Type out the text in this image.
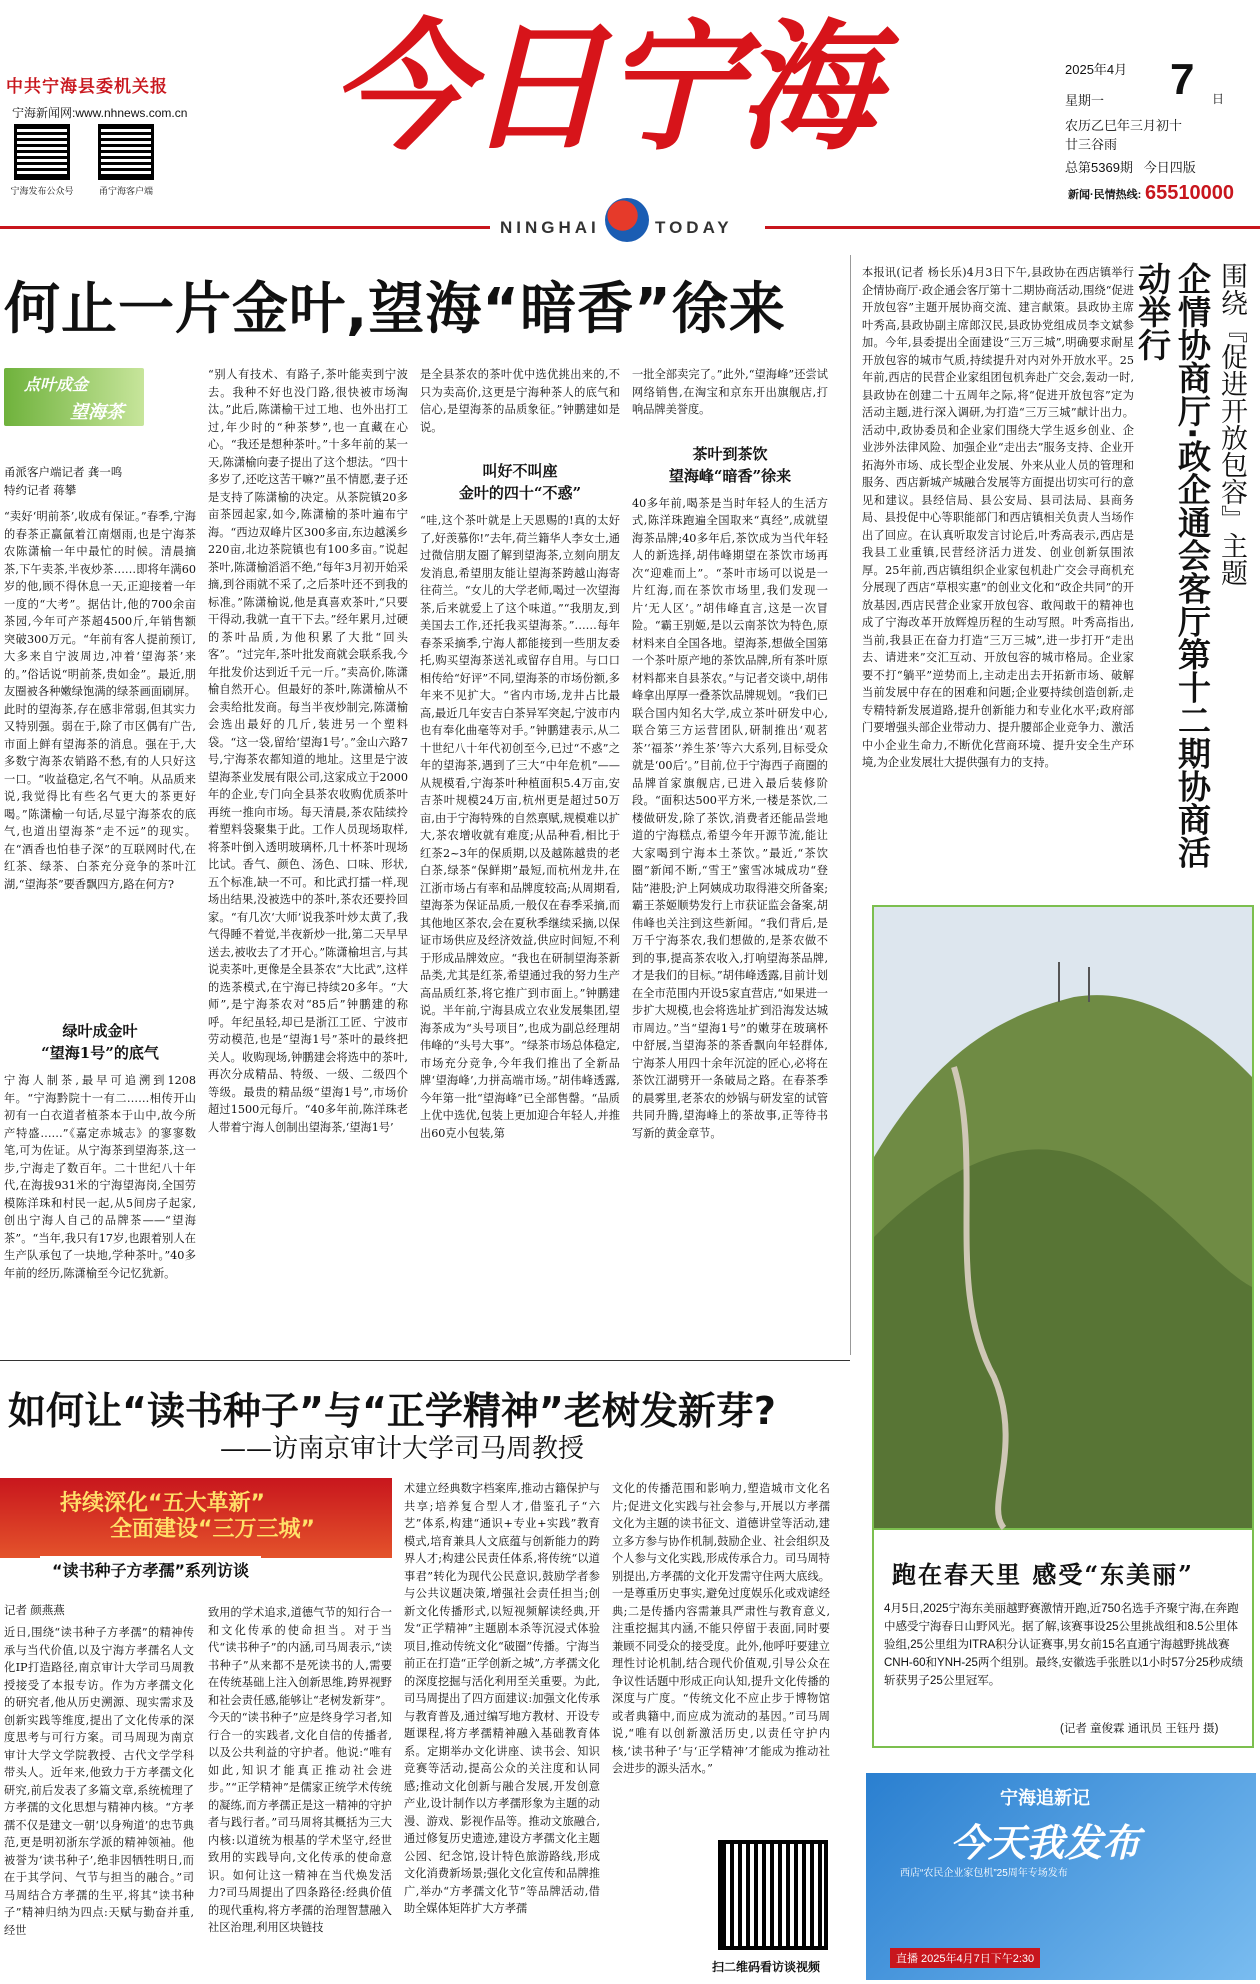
中共宁海县委机关报
宁海新闻网:www.nhnews.com.cn
宁海发布公众号	甬宁海客户端
今日宁海
NINGHAI	TODAY
2025年4月
星期一
农历乙巳年三月初十
廿三谷雨
总第5369期 今日四版
7 日
新闻·民情热线: 65510000
何止一片金叶,望海“暗香”徐来
点叶成金
望海茶
甬派客户端记者 龚一鸣
特约记者 蒋攀
“卖好‘明前茶’,收成有保证。”春季,宁海的春茶正赢氤着江南烟雨,也是宁海茶农陈潇榆一年中最忙的时候。清晨摘茶,下午卖茶,半夜炒茶……即将年满60岁的他,顾不得休息一天,正迎接着一年一度的“大考”。据估计,他的700余亩茶园,今年可产茶超4500斤,年销售额突破300万元。“年前有客人提前预订,大多来自宁波周边,冲着‘望海茶’来的。”俗话说“明前茶,贵如金”。最近,朋友圈被各种嫩绿饱满的绿茶画面刷屏。此时的望海茶,存在感非常弱,但其实力又特别强。弱在于,除了市区偶有广告,市面上鲜有望海茶的消息。强在于,大多数宁海茶农销路不愁,有的人只好这一口。“收益稳定,名气不响。从品质来说,我觉得比有些名气更大的茶更好喝。”陈潇榆一句话,尽显宁海茶农的底气,也道出望海茶“走不远”的现实。在“酒香也怕巷子深”的互联网时代,在红茶、绿茶、白茶充分竞争的茶叶江湖,“望海茶”要香飘四方,路在何方?
绿叶成金叶
“望海1号”的底气
宁海人制茶,最早可追溯到1208年。“宁海黔院十一有二……相传开山初有一白衣道者植茶本于山中,故今所产特盛……”《嘉定赤城志》的寥寥数笔,可为佐证。从宁海茶到望海茶,这一步,宁海走了数百年。二十世纪八十年代,在海拔931米的宁海望海岗,全国劳模陈洋珠和村民一起,从5间房子起家,创出宁海人自己的品牌茶——“望海茶”。“当年,我只有17岁,也跟着别人在生产队承包了一块地,学种茶叶。”40多年前的经历,陈潇榆至今记忆犹新。
“别人有技术、有路子,茶叶能卖到宁波去。我种不好也没门路,很快被市场淘汰。”此后,陈潇榆干过工地、也外出打工过,年少时的“种茶梦”,也一直藏在心心。“我还是想种茶叶。”十多年前的某一天,陈潇榆向妻子提出了这个想法。“四十多岁了,还吃这苦干嘛?”虽不情愿,妻子还是支持了陈潇榆的决定。从茶院镇20多亩茶园起家,如今,陈潇榆的茶叶遍布宁海。“西边双峰片区300多亩,东边越溪乡220亩,北边茶院镇也有100多亩。”说起茶叶,陈潇榆滔滔不绝,“每年3月初开始采摘,到谷雨就不采了,之后茶叶还不到我的标准。”陈潇榆说,他是真喜欢茶叶,“只要干得动,我就一直干下去。”经年累月,过硬的茶叶品质,为他积累了大批“回头客”。“过完年,茶叶批发商就会联系我,今年批发价达到近千元一斤。”卖高价,陈潇榆自然开心。但最好的茶叶,陈潇榆从不会卖给批发商。每当半夜炒制完,陈潇榆会选出最好的几斤,装进另一个塑料袋。“这一袋,留给‘望海1号’。”金山六路7号,宁海茶农都知道的地址。这里是宁波望海茶业发展有限公司,这家成立于2000年的企业,专门向全县茶农收购优质茶叶再统一推向市场。每天清晨,茶农陆续拎着塑料袋聚集于此。工作人员现场取样,将茶叶倒入透明玻璃杯,几十杯茶叶现场比试。香气、颜色、汤色、口味、形状,五个标准,缺一不可。和比武打擂一样,现场出结果,没被选中的茶叶,茶农还要拎回家。“有几次‘大师’说我茶叶炒太黄了,我气得睡不着觉,半夜新炒一批,第二天早早送去,被收去了才开心。”陈潇榆坦言,与其说卖茶叶,更像是全县茶农“大比武”,这样的选茶模式,在宁海已持续20多年。“大师”,是宁海茶农对“85后”钟鹏建的称呼。年纪虽轻,却已是浙江工匠、宁波市劳动模范,也是“望海1号”茶叶的最终把关人。收购现场,钟鹏建会将选中的茶叶,再次分成精品、特级、一级、二级四个等级。最贵的精品级“望海1号”,市场价超过1500元每斤。“40多年前,陈洋珠老人带着宁海人创制出望海茶,‘望海1号’
是全县茶农的茶叶优中选优挑出来的,不只为卖高价,这更是宁海种茶人的底气和信心,是望海茶的品质象征。”钟鹏建如是说。
叫好不叫座
金叶的四十“不惑”
“哇,这个茶叶就是上天恩赐的!真的太好了,好羡慕你!”去年,荷兰籍华人李女士,通过微信朋友圈了解到望海茶,立刻向朋友发消息,希望朋友能让望海茶跨越山海寄往荷兰。“女儿的大学老师,喝过一次望海茶,后来就爱上了这个味道。”“我朋友,到美国去工作,还托我买望海茶。”……每年春茶采摘季,宁海人都能接到一些朋友委托,购买望海茶送礼或留存自用。与口口相传给“好评”不同,望海茶的市场份额,多年来不见扩大。“省内市场,龙井占比最高,最近几年安吉白茶异军突起,宁波市内也有奉化曲毫等对手。”钟鹏建表示,从二十世纪八十年代初创至今,已过“不惑”之年的望海茶,遇到了三大“中年危机”——从规模看,宁海茶叶种植面积5.4万亩,安吉茶叶规模24万亩,杭州更是超过50万亩,由于宁海特殊的自然禀赋,规模难以扩大,茶农增收就有难度;从品种看,相比于红茶2~3年的保质期,以及越陈越贵的老白茶,绿茶“保鲜期”最短,而杭州龙井,在江浙市场占有率和品牌度较高;从周期看,望海茶为保证品质,一般仅在春季采摘,而其他地区茶农,会在夏秋季继续采摘,以保证市场供应及经济效益,供应时间短,不利于形成品牌效应。“我也在研制望海茶新品类,尤其是红茶,希望通过我的努力生产高品质红茶,将它推广到市面上。”钟鹏建说。半年前,宁海县成立农业发展集团,望海茶成为“头号项目”,也成为副总经理胡伟峰的“头号大事”。“绿茶市场总体稳定,市场充分竞争,今年我们推出了全新品牌‘望海峰’,力拼高端市场。”胡伟峰透露,今年第一批“望海峰”已全部售罄。“品质上优中选优,包装上更加迎合年轻人,并推出60克小包装,第
一批全部卖完了。”此外,“望海峰”还尝试网络销售,在淘宝和京东开出旗舰店,打响品牌美誉度。
茶叶到茶饮
望海峰“暗香”徐来
40多年前,喝茶是当时年轻人的生活方式,陈洋珠跑遍全国取来“真经”,成就望海茶品牌;40多年后,茶饮成为当代年轻人的新选择,胡伟峰期望在茶饮市场再次“迎难而上”。“茶叶市场可以说是一片红海,而在茶饮市场里,我们发现一片‘无人区’。”胡伟峰直言,这是一次冒险。“霸王别姬,是以云南茶饮为特色,原材料来自全国各地。望海茶,想做全国第一个茶叶原产地的茶饮品牌,所有茶叶原材料都来自县茶农。”与记者交谈中,胡伟峰拿出厚厚一叠茶饮品牌规划。“我们已联合国内知名大学,成立茶叶研发中心,联合第三方运营团队,研制推出‘观茗茶’‘福茶’‘养生茶’等六大系列,目标受众就是‘00后’。”目前,位于宁海西子商圈的品牌首家旗舰店,已进入最后装修阶段。“面积达500平方米,一楼是茶饮,二楼做研发,除了茶饮,消费者还能品尝地道的宁海糕点,希望今年开源节流,能让大家喝到宁海本土茶饮。”最近,“茶饮圈”新闻不断,“雪王”蜜雪冰城成功“登陆”港股;沪上阿姨成功取得港交所备案;霸王茶姬顺势发行上市获证监会备案,胡伟峰也关注到这些新闻。“我们背后,是万千宁海茶农,我们想做的,是茶农做不到的事,提高茶农收入,打响望海茶品牌,才是我们的目标。”胡伟峰透露,目前计划在全市范围内开设5家直营店,“如果进一步扩大规模,也会将选址扩到沿海发达城市周边。”当“望海1号”的嫩芽在玻璃杯中舒展,当望海茶的茶香飘向年轻群体,宁海茶人用四十余年沉淀的匠心,必将在茶饮江湖劈开一条破局之路。在春茶季的晨雾里,老茶农的炒锅与研发室的试管共同升腾,望海峰上的茶故事,正等待书写新的黄金章节。
本报讯(记者 杨长乐)4月3日下午,县政协在西店镇举行企情协商厅·政企通会客厅第十二期协商活动,围绕“促进开放包容”主题开展协商交流、建言献策。县政协主席叶秀高,县政协副主席郎汉民,县政协党组成员李文斌参加。今年,县委提出全面建设“三万三城”,明确要求耐星开放包容的城市气质,持续提升对内对外开放水平。25年前,西店的民营企业家组团包机奔赴广交会,轰动一时,县政协在创建二十五周年之际,将“促进开放包容”定为活动主题,进行深入调研,为打造“三万三城”献计出力。活动中,政协委员和企业家们围绕大学生返乡创业、企业涉外法律风险、加强企业“走出去”服务支持、企业开拓海外市场、成长型企业发展、外来从业人员的管理和服务、西店新城产城融合发展等方面提出切实可行的意见和建议。县经信局、县公安局、县司法局、县商务局、县投促中心等职能部门和西店镇相关负责人当场作出了回应。在认真听取发言讨论后,叶秀高表示,西店是我县工业重镇,民营经济活力迸发、创业创新氛围浓厚。25年前,西店镇组织企业家包机赴广交会寻商机充分展现了西店“草根实惠”的创业文化和“政企共同”的开放基因,西店民营企业家开放包容、敢闯敢干的精神也成了宁海改革开放辉煌历程的生动写照。叶秀高指出,当前,我县正在奋力打造“三万三城”,进一步打开“走出去、请进来”交汇互动、开放包容的城市格局。企业家要不打“躺平”逆势而上,主动走出去开拓新市场、破解当前发展中存在的困难和问题;企业要持续创造创新,走专精特新发展道路,提升创新能力和专业化水平;政府部门要增强头部企业带动力、提升腰部企业竞争力、激活中小企业生命力,不断优化营商环境、提升安全生产环境,为企业发展壮大提供强有力的支持。
围绕『促进开放包容』主题
企情协商厅·政企通会客厅第十二期协商活动举行
跑在春天里 感受“东美丽”
4月5日,2025宁海东美丽越野赛激情开跑,近750名选手齐聚宁海,在奔跑中感受宁海春日山野风光。据了解,该赛事设25公里挑战组和8.5公里体验组,25公里组为ITRA积分认证赛事,男女前15名直通宁海越野挑战赛CNH-60和YNH-25两个组别。最终,安徽选手张胜以1小时57分25秒成绩斩获男子25公里冠军。
(记者 童俊霖 通讯员 王钰丹 摄)
宁海追新记
今天我发布
西店“农民企业家包机”25周年专场发布
直播 2025年4月7日下午2:30
如何让“读书种子”与“正学精神”老树发新芽?
——访南京审计大学司马周教授
持续深化“五大革新”
全面建设“三万三城”
“读书种子方孝孺”系列访谈
记者 颜燕燕
近日,围绕“读书种子方孝孺”的精神传承与当代价值,以及宁海方孝孺名人文化IP打造路径,南京审计大学司马周教授接受了本报专访。作为方孝孺文化的研究者,他从历史溯源、现实需求及创新实践等维度,提出了文化传承的深度思考与可行方案。司马周现为南京审计大学文学院教授、古代文学学科带头人。近年来,他致力于方孝孺文化研究,前后发表了多篇文章,系统梳理了方孝孺的文化思想与精神内核。“方孝孺不仅是建文一朝‘以身殉道’的忠节典范,更是明初浙东学派的精神领袖。他被誉为‘读书种子’,绝非因牺牲明日,而在于其学问、气节与担当的融合。”司马周结合方孝孺的生平,将其“读书种子”精神归纳为四点:天赋与勤奋并重,经世
致用的学术追求,道德气节的知行合一和文化传承的使命担当。对于当代“读书种子”的内涵,司马周表示,“读书种子”从来都不是死读书的人,需要在传统基础上注入创新思维,跨界视野和社会责任感,能够让“老树发新芽”。今天的“读书种子”应是终身学习者,知行合一的实践者,文化自信的传播者,以及公共利益的守护者。他说:“唯有如此,知识才能真正推动社会进步。”“正学精神”是儒家正统学术传统的凝练,而方孝孺正是这一精神的守护者与践行者。”司马周将其概括为三大内核:以道统为根基的学术坚守,经世致用的实践导向,文化传承的使命意识。如何让这一精神在当代焕发活力?司马周提出了四条路径:经典价值的现代重构,将方孝孺的治理智慧融入社区治理,利用区块链技
术建立经典数字档案库,推动古籍保护与共享;培养复合型人才,借鉴孔子“六艺”体系,构建“通识+专业+实践”教育模式,培育兼具人文底蕴与创新能力的跨界人才;构建公民责任体系,将传统“以道事君”转化为现代公民意识,鼓励学者参与公共议题决策,增强社会责任担当;创新文化传播形式,以短视频解读经典,开发“正学精神”主题剧本杀等沉浸式体验项目,推动传统文化“破圈”传播。宁海当前正在打造“正学创新之城”,方孝孺文化的深度挖掘与活化利用至关重要。为此,司马周提出了四方面建议:加强文化传承与教育普及,通过编写地方教材、开设专题课程,将方孝孺精神融入基础教育体系。定期举办文化讲座、读书会、知识竞赛等活动,提高公众的关注度和认同感;推动文化创新与融合发展,开发创意产业,设计制作以方孝孺形象为主题的动漫、游戏、影视作品等。推动文旅融合,通过修复历史遗迹,建设方孝孺文化主题公园、纪念馆,设计特色旅游路线,形成文化消费新场景;强化文化宣传和品牌推广,举办“方孝孺文化节”等品牌活动,借助全媒体矩阵扩大方孝孺
文化的传播范围和影响力,塑造城市文化名片;促进文化实践与社会参与,开展以方孝孺文化为主题的读书征文、道德讲堂等活动,建立多方参与协作机制,鼓励企业、社会组织及个人参与文化实践,形成传承合力。司马周特别提出,方孝孺的文化开发需守住两大底线。一是尊重历史事实,避免过度娱乐化或戏谑经典;二是传播内容需兼具严肃性与教育意义,注重挖掘其内涵,不能只停留于表面,同时要兼顾不同受众的接受度。此外,他呼吁要建立理性讨论机制,结合现代价值观,引导公众在争议性话题中形成正向认知,提升文化传播的深度与广度。“传统文化不应止步于博物馆或者典籍中,而应成为流动的基因。”司马周说,“唯有以创新激活历史,以责任守护内核,‘读书种子’与‘正学精神’才能成为推动社会进步的源头活水。”
扫二维码看访谈视频
